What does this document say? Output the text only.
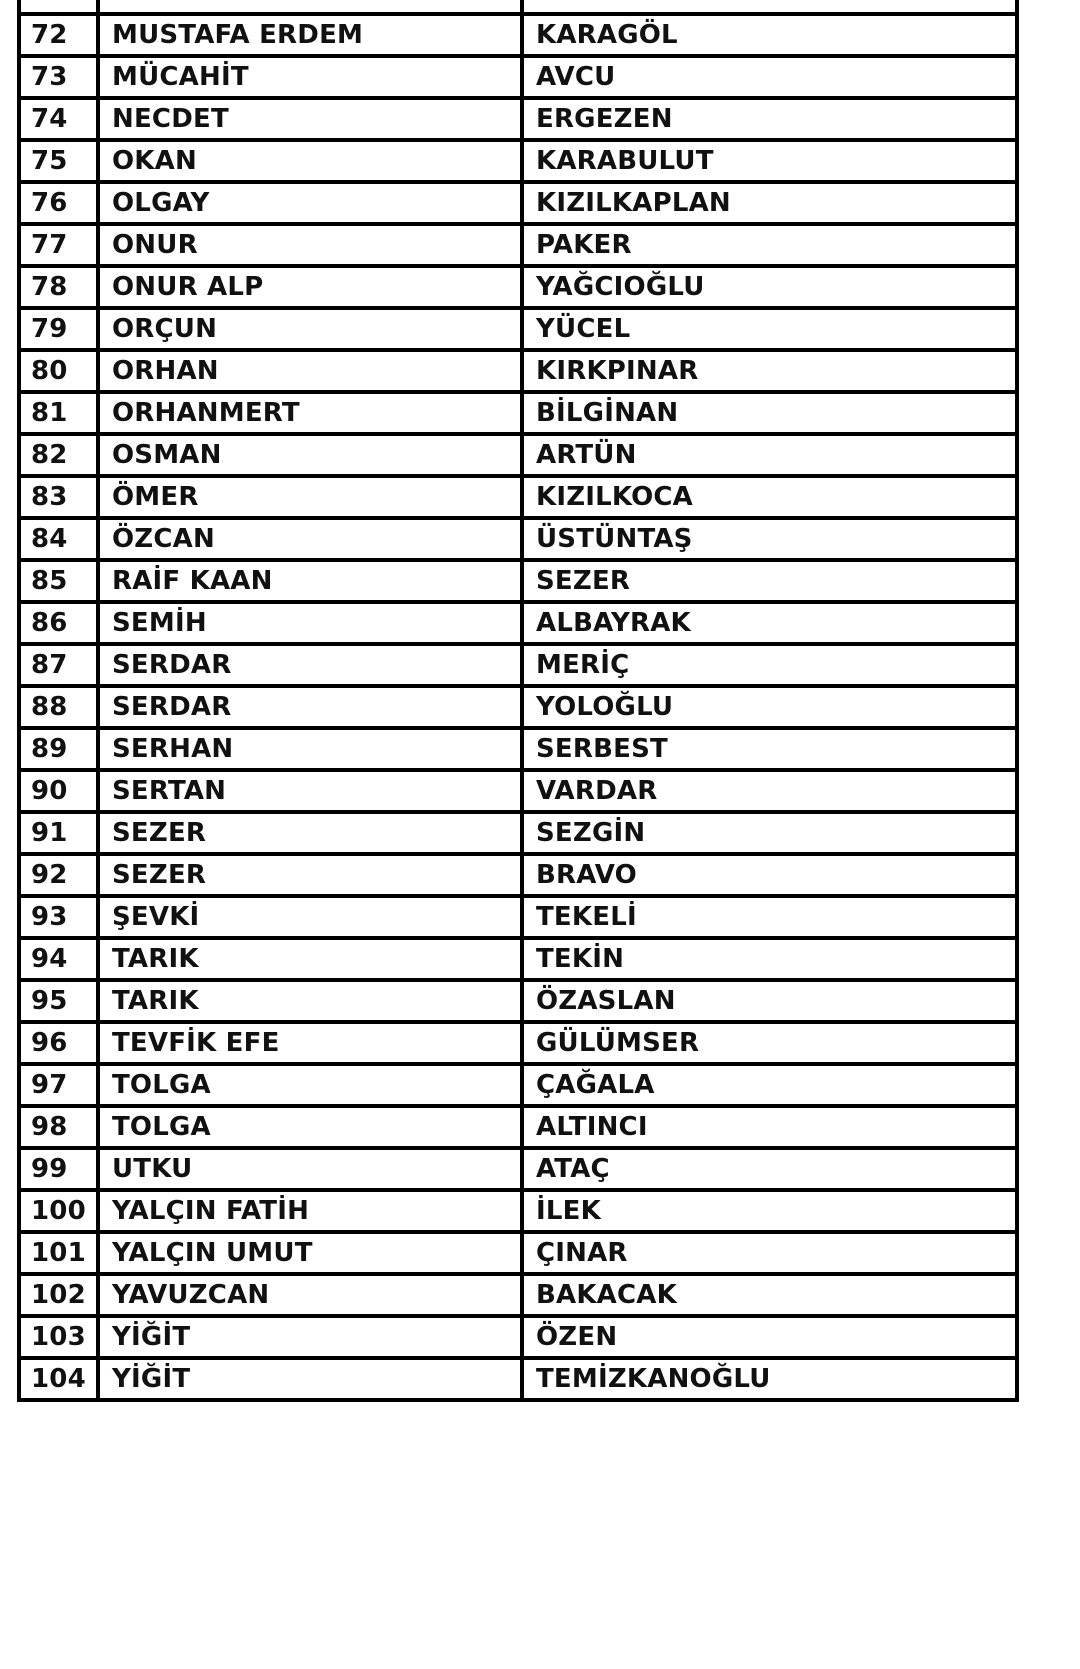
72	MUSTAFA ERDEM	KARAGÖL
73	MÜCAHİT	AVCU
74	NECDET	ERGEZEN
75	OKAN	KARABULUT
76	OLGAY	KIZILKAPLAN
77	ONUR	PAKER
78	ONUR ALP	YAĞCIOĞLU
79	ORÇUN	YÜCEL
80	ORHAN	KIRKPINAR
81	ORHANMERT	BİLGİNAN
82	OSMAN	ARTÜN
83	ÖMER	KIZILKOCA
84	ÖZCAN	ÜSTÜNTAŞ
85	RAİF KAAN	SEZER
86	SEMİH	ALBAYRAK
87	SERDAR	MERİÇ
88	SERDAR	YOLOĞLU
89	SERHAN	SERBEST
90	SERTAN	VARDAR
91	SEZER	SEZGİN
92	SEZER	BRAVO
93	ŞEVKİ	TEKELİ
94	TARIK	TEKİN
95	TARIK	ÖZASLAN
96	TEVFİK EFE	GÜLÜMSER
97	TOLGA	ÇAĞALA
98	TOLGA	ALTINCI
99	UTKU	ATAÇ
100	YALÇIN FATİH	İLEK
101	YALÇIN UMUT	ÇINAR
102	YAVUZCAN	BAKACAK
103	YİĞİT	ÖZEN
104	YİĞİT	TEMİZKANOĞLU
